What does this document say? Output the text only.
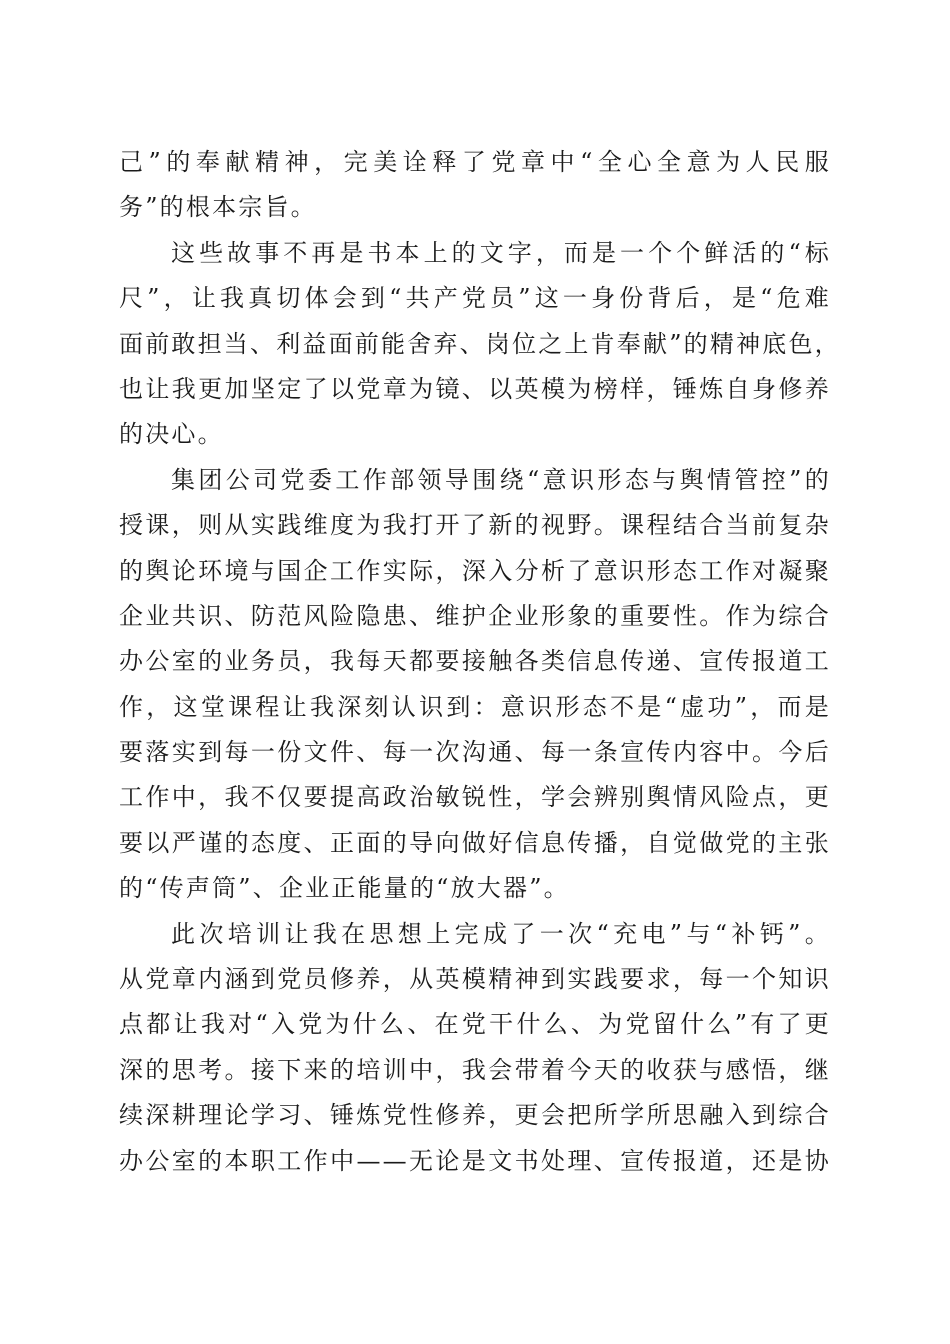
己”的奉献精神，完美诠释了党章中“全心全意为人民服
务”的根本宗旨。
这些故事不再是书本上的文字，而是一个个鲜活的“标
尺”，让我真切体会到“共产党员”这一身份背后，是“危难
面前敢担当、利益面前能舍弃、岗位之上肯奉献”的精神底色，
也让我更加坚定了以党章为镜、以英模为榜样，锤炼自身修养
的决心。
集团公司党委工作部领导围绕“意识形态与舆情管控”的
授课，则从实践维度为我打开了新的视野。课程结合当前复杂
的舆论环境与国企工作实际，深入分析了意识形态工作对凝聚
企业共识、防范风险隐患、维护企业形象的重要性。作为综合
办公室的业务员，我每天都要接触各类信息传递、宣传报道工
作，这堂课程让我深刻认识到：意识形态不是“虚功”，而是
要落实到每一份文件、每一次沟通、每一条宣传内容中。今后
工作中，我不仅要提高政治敏锐性，学会辨别舆情风险点，更
要以严谨的态度、正面的导向做好信息传播，自觉做党的主张
的“传声筒”、企业正能量的“放大器”。
此次培训让我在思想上完成了一次“充电”与“补钙”。
从党章内涵到党员修养，从英模精神到实践要求，每一个知识
点都让我对“入党为什么、在党干什么、为党留什么”有了更
深的思考。接下来的培训中，我会带着今天的收获与感悟，继
续深耕理论学习、锤炼党性修养，更会把所学所思融入到综合
办公室的本职工作中——无论是文书处理、宣传报道，还是协
